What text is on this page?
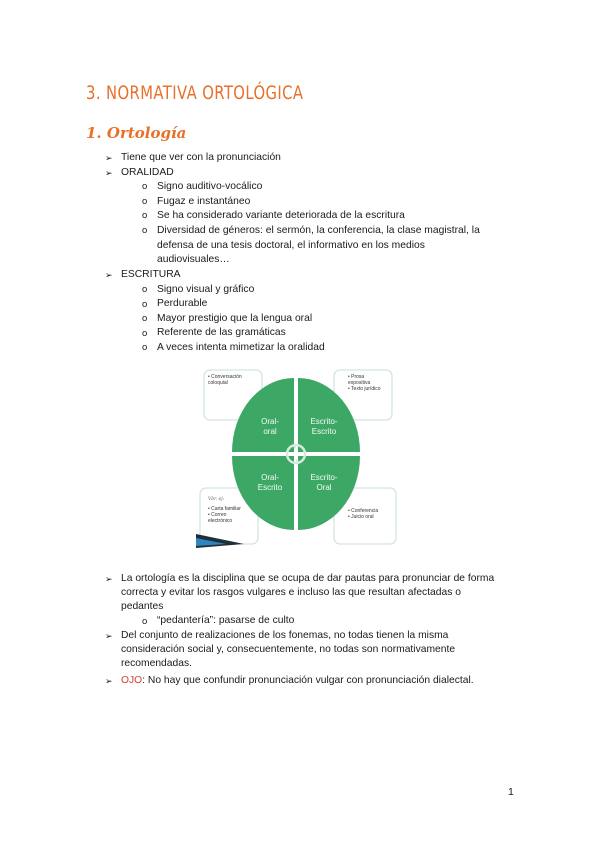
3. NORMATIVA ORTOLÓGICA
1. Ortología
➢ Tiene que ver con la pronunciación
➢ ORALIDAD
o Signo auditivo-vocálico
o Fugaz e instantáneo
o Se ha considerado variante deteriorada de la escritura
o Diversidad de géneros: el sermón, la conferencia, la clase magistral, la
defensa de una tesis doctoral, el informativo en los medios
audiovisuales…
➢ ESCRITURA
o Signo visual y gráfico
o Perdurable
o Mayor prestigio que la lengua oral
o Referente de las gramáticas
o A veces intenta mimetizar la oralidad
• Conversación
coloquial
• Prosa
expositiva
• Texto jurídico
Vbr. ej:
• Carta familiar
• Correo
electrónico
• Conferencia
• Juicio oral
Oral-
oral
Escrito-
Escrito
Oral-
Escrito
Escrito-
Oral
➢ La ortología es la disciplina que se ocupa de dar pautas para pronunciar de forma
correcta y evitar los rasgos vulgares e incluso las que resultan afectadas o
pedantes
o “pedantería”: pasarse de culto
➢ Del conjunto de realizaciones de los fonemas, no todas tienen la misma
consideración social y, consecuentemente, no todas son normativamente
recomendadas.
➢ OJO: No hay que confundir pronunciación vulgar con pronunciación dialectal.
1
